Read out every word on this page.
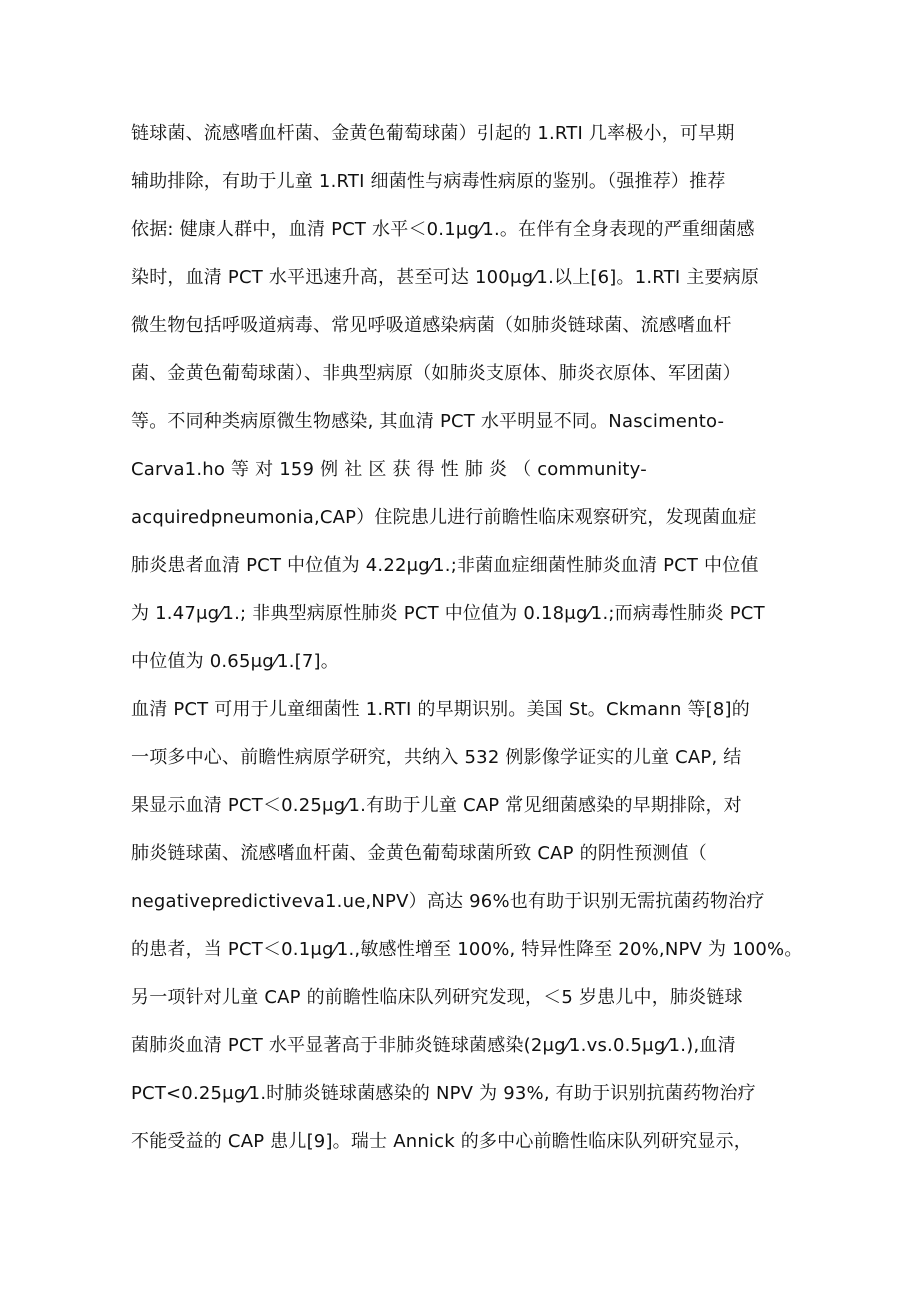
链球菌、流感嗜血杆菌、金黄色葡萄球菌）引起的 1.RTI 几率极小，可早期
辅助排除，有助于儿童 1.RTI 细菌性与病毒性病原的鉴别。（强推荐）推荐
依据: 健康人群中，血清 PCT 水平＜0.1μg⁄1.。在伴有全身表现的严重细菌感
染时，血清 PCT 水平迅速升高，甚至可达 100μg⁄1.以上[6]。1.RTI 主要病原
微生物包括呼吸道病毒、常见呼吸道感染病菌（如肺炎链球菌、流感嗜血杆
菌、金黄色葡萄球菌）、非典型病原（如肺炎支原体、肺炎衣原体、军团菌）
等。不同种类病原微生物感染, 其血清 PCT 水平明显不同。Nascimento-
Carva1.ho 等 对 159 例 社 区 获 得 性 肺 炎 （ community-
acquiredpneumonia,CAP）住院患儿进行前瞻性临床观察研究，发现菌血症
肺炎患者血清 PCT 中位值为 4.22μg⁄1.;非菌血症细菌性肺炎血清 PCT 中位值
为 1.47μg⁄1.; 非典型病原性肺炎 PCT 中位值为 0.18μg⁄1.;而病毒性肺炎 PCT
中位值为 0.65μg⁄1.[7]。
血清 PCT 可用于儿童细菌性 1.RTI 的早期识别。美国 St。Ckmann 等[8]的
一项多中心、前瞻性病原学研究，共纳入 532 例影像学证实的儿童 CAP, 结
果显示血清 PCT＜0.25μg⁄1.有助于儿童 CAP 常见细菌感染的早期排除，对
肺炎链球菌、流感嗜血杆菌、金黄色葡萄球菌所致 CAP 的阴性预测值（
negativepredictiveva1.ue,NPV）高达 96%也有助于识别无需抗菌药物治疗
的患者，当 PCT＜0.1μg⁄1.,敏感性增至 100%, 特异性降至 20%,NPV 为 100%。
另一项针对儿童 CAP 的前瞻性临床队列研究发现，＜5 岁患儿中，肺炎链球
菌肺炎血清 PCT 水平显著高于非肺炎链球菌感染(2μg⁄1.vs.0.5μg⁄1.),血清
PCT<0.25μg⁄1.时肺炎链球菌感染的 NPV 为 93%, 有助于识别抗菌药物治疗
不能受益的 CAP 患儿[9]。瑞士 Annick 的多中心前瞻性临床队列研究显示，
